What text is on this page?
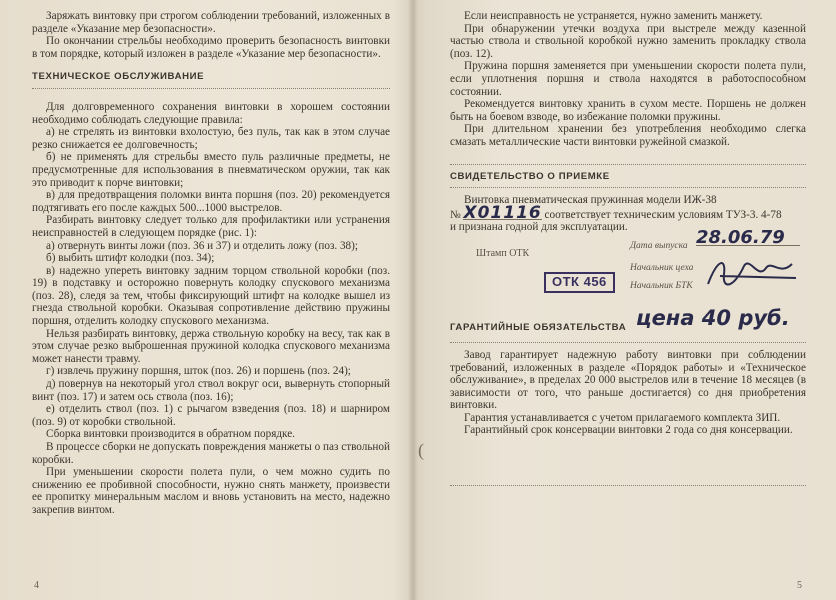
(

Заряжать винтовку при строгом соблюдении требований, изложенных в разделе «Указание мер безопасности».

По окончании стрельбы необходимо проверить безопасность винтовки в том порядке, который изложен в разделе «Указание мер безопасности».

ТЕХНИЧЕСКОЕ ОБСЛУЖИВАНИЕ

Для долговременного сохранения винтовки в хорошем состоянии необходимо соблюдать следующие правила:

а) не стрелять из винтовки вхолостую, без пуль, так как в этом случае резко снижается ее долговечность;

б) не применять для стрельбы вместо пуль различные предметы, не предусмотренные для использования в пневматическом оружии, так как это приводит к порче винтовки;

в) для предотвращения поломки винта поршня (поз. 20) рекомендуется подтягивать его после каждых 500...1000 выстрелов.

Разбирать винтовку следует только для профилактики или устранения неисправностей в следующем порядке (рис. 1):

а) отвернуть винты ложи (поз. 36 и 37) и отделить ложу (поз. 38);

б) выбить штифт колодки (поз. 34);

в) надежно упереть винтовку задним торцом ствольной коробки (поз. 19) в подставку и осторожно повернуть колодку спускового механизма (поз. 28), следя за тем, чтобы фиксирующий штифт на колодке вышел из гнезда ствольной коробки. Оказывая сопротивление действию пружины поршня, отделить колодку спускового механизма.

Нельзя разбирать винтовку, держа ствольную коробку на весу, так как в этом случае резко выброшенная пружиной колодка спускового механизма может нанести травму.

г) извлечь пружину поршня, шток (поз. 26) и поршень (поз. 24);

д) повернув на некоторый угол ствол вокруг оси, вывернуть стопорный винт (поз. 17) и затем ось ствола (поз. 16);

е) отделить ствол (поз. 1) с рычагом взведения (поз. 18) и шарниром (поз. 9) от коробки ствольной.

Сборка винтовки производится в обратном порядке.

В процессе сборки не допускать повреждения манжеты о паз ствольной коробки.

При уменьшении скорости полета пули, о чем можно судить по снижению ее пробивной способности, нужно снять манжету, произвести ее пропитку минеральным маслом и вновь установить на место, надежно закрепив винтом.

4

Если неисправность не устраняется, нужно заменить манжету.

При обнаружении утечки воздуха при выстреле между казенной частью ствола и ствольной коробкой нужно заменить прокладку ствола (поз. 12).

Пружина поршня заменяется при уменьшении скорости полета пули, если уплотнения поршня и ствола находятся в работоспособном состоянии.

Рекомендуется винтовку хранить в сухом месте. Поршень не должен быть на боевом взводе, во избежание поломки пружины.

При длительном хранении без употребления необходимо слегка смазать металлические части винтовки ружейной смазкой.

СВИДЕТЕЛЬСТВО О ПРИЕМКЕ

Винтовка пневматическая пружинная модели ИЖ-38

№ Х01116 соответствует техническим условиям ТУЗ-3. 4-78

и признана годной для эксплуатации.

Штамп ОТК
Дата выпуска 28.06.79
Начальник цеха
Начальник БТК
ОТК 456
ГАРАНТИЙНЫЕ ОБЯЗАТЕЛЬСТВА цена 40 руб.

Завод гарантирует надежную работу винтовки при соблюдении требований, изложенных в разделе «Порядок работы» и «Техническое обслуживание», в пределах 20 000 выстрелов или в течение 18 месяцев (в зависимости от того, что раньше достигается) со дня приобретения винтовки.

Гарантия устанавливается с учетом прилагаемого комплекта ЗИП.

Гарантийный срок консервации винтовки 2 года со дня консервации.

5
